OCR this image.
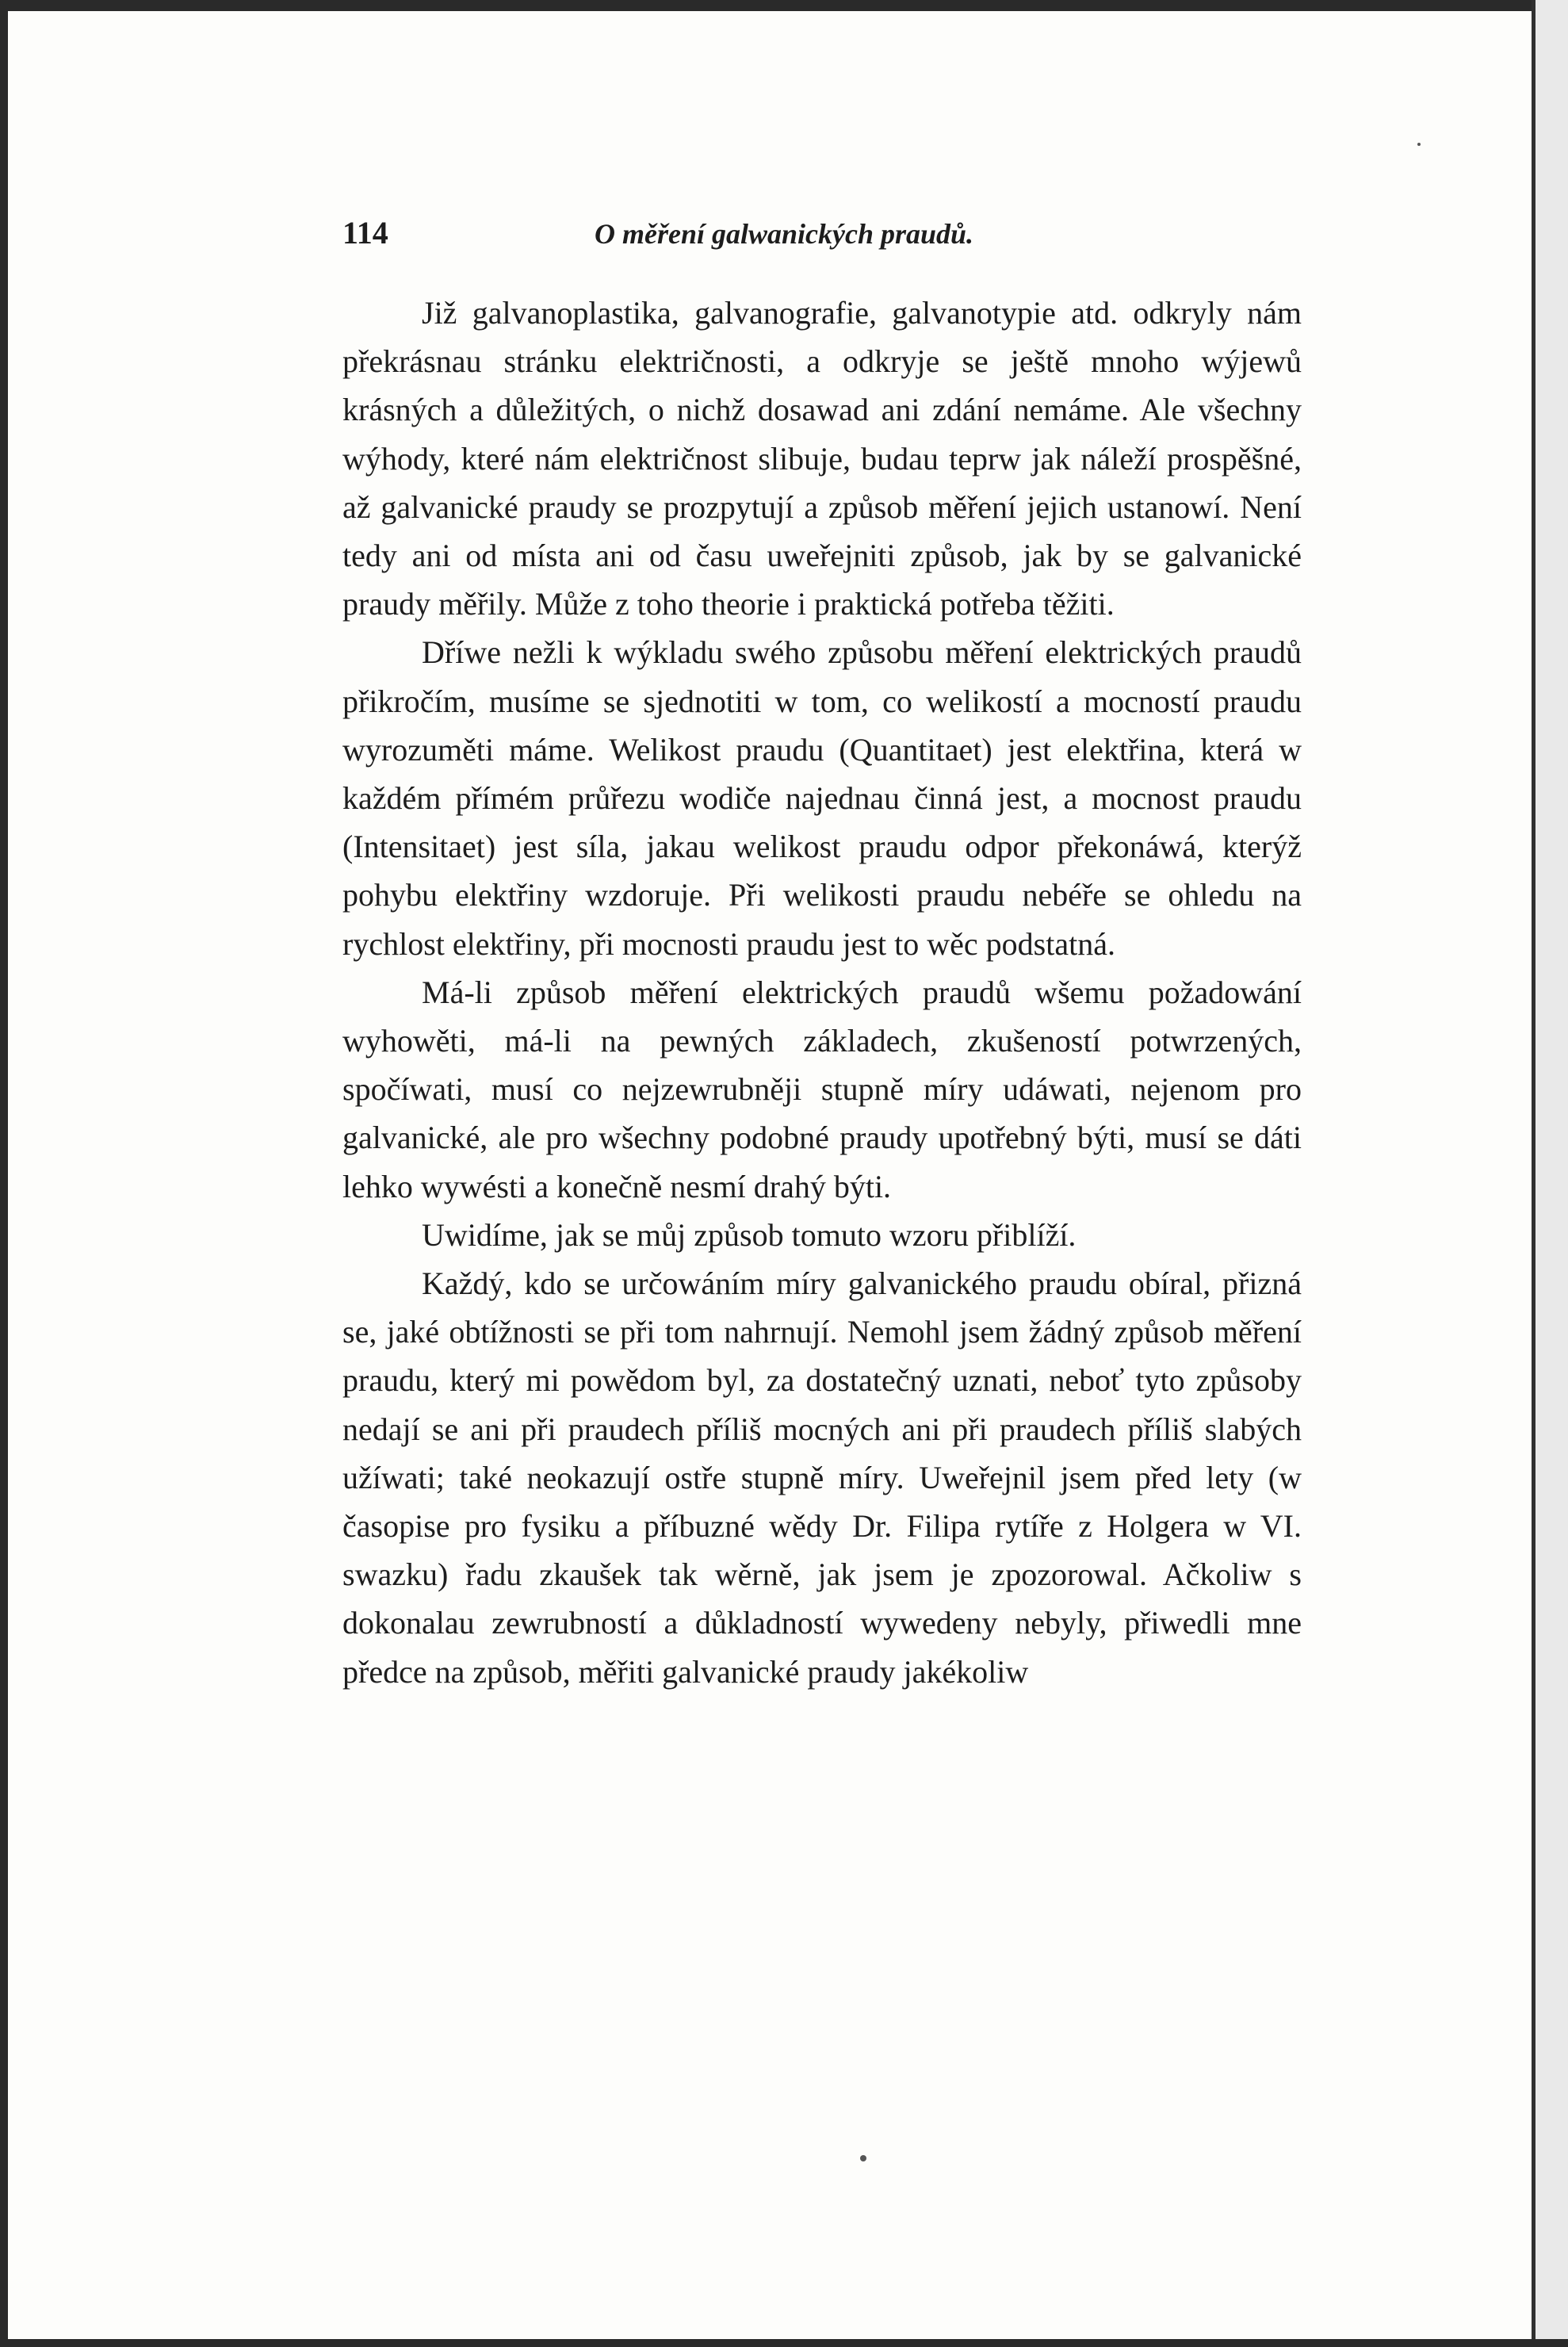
114	O měření galwanických praudů.

Již galvanoplastika, galvanografie, galvanotypie atd. odkryly nám překrásnau stránku električnosti, a odkryje se ještě mnoho wýjewů krásných a důležitých, o nichž dosawad ani zdání nemáme. Ale všechny wýhody, které nám električnost slibuje, budau teprw jak náleží prospěšné, až galvanické praudy se prozpytují a způsob měření jejich ustanowí. Není tedy ani od místa ani od času uweřejniti způsob, jak by se galvanické praudy měřily. Může z toho theorie i praktická potřeba těžiti.

Dříwe nežli k wýkladu swého způsobu měření elektrických praudů přikročím, musíme se sjednotiti w tom, co welikostí a mocností praudu wyrozuměti máme. Welikost praudu (Quantitaet) jest elektřina, která w každém přímém průřezu wodiče najednau činná jest, a mocnost praudu (Intensitaet) jest síla, jakau welikost praudu odpor překonáwá, kterýž pohybu elektřiny wzdoruje. Při welikosti praudu nebéře se ohledu na rychlost elektřiny, při mocnosti praudu jest to wěc podstatná.

Má-li způsob měření elektrických praudů wšemu požadowání wyhowěti, má-li na pewných základech, zkušeností potwrzených, spočíwati, musí co nejzewrubněji stupně míry udáwati, nejenom pro galvanické, ale pro wšechny podobné praudy upotřebný býti, musí se dáti lehko wywésti a konečně nesmí drahý býti.

Uwidíme, jak se můj způsob tomuto wzoru přiblíží.

Každý, kdo se určowáním míry galvanického praudu obíral, přizná se, jaké obtížnosti se při tom nahrnují. Nemohl jsem žádný způsob měření praudu, který mi powědom byl, za dostatečný uznati, neboť tyto způsoby nedají se ani při praudech příliš mocných ani při praudech příliš slabých užíwati; také neokazují ostře stupně míry. Uweřejnil jsem před lety (w časopise pro fysiku a příbuzné wědy Dr. Filipa rytíře z Holgera w VI. swazku) řadu zkaušek tak wěrně, jak jsem je zpozorowal. Ačkoliw s dokonalau zewrubností a důkladností wywedeny nebyly, přiwedli mne předce na způsob, měřiti galvanické praudy jakékoliw
